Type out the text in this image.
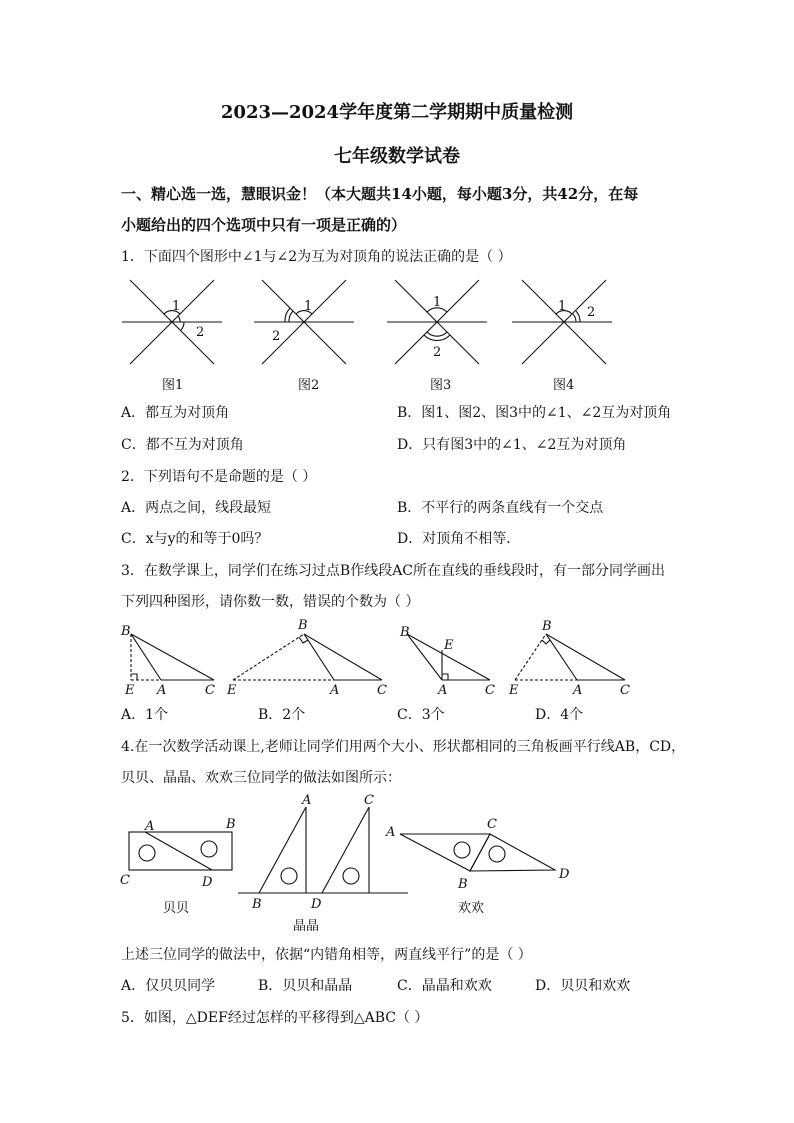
2023—2024学年度第二学期期中质量检测
七年级数学试卷
一、精心选一选，慧眼识金！（本大题共14小题，每小题3分，共42分，在每
小题给出的四个选项中只有一项是正确的）
1．下面四个图形中∠1与∠2为互为对顶角的说法正确的是（ ）
1
2
1
2
1
2
1 2
图1	图2	图3	图4
A．都互为对顶角	B．图1、图2、图3中的∠1、∠2互为对顶角
C．都不互为对顶角	D．只有图3中的∠1、∠2互为对顶角
2．下列语句不是命题的是（ ）
A．两点之间，线段最短	B．不平行的两条直线有一个交点
C．x与y的和等于0吗？	D．对顶角不相等．
3．在数学课上，同学们在练习过点B作线段AC所在直线的垂线段时，有一部分同学画出
下列四种图形，请你数一数，错误的个数为（ ）
B
E A	C
B
E	A	C
B
E
A	C
B
E	A	C
A．1个	B．2个	C．3个	D．4个
4.在一次数学活动课上,老师让同学们用两个大小、形状都相同的三角板画平行线AB，CD，
贝贝、晶晶、欢欢三位同学的做法如图所示：
A	B
C	D
A	C
B	D
A
C
B
D
贝贝
晶晶
欢欢
上述三位同学的做法中，依据“内错角相等，两直线平行”的是（ ）
A．仅贝贝同学	B．贝贝和晶晶	C．晶晶和欢欢	D．贝贝和欢欢
5．如图，△DEF经过怎样的平移得到△ABC（ ）
